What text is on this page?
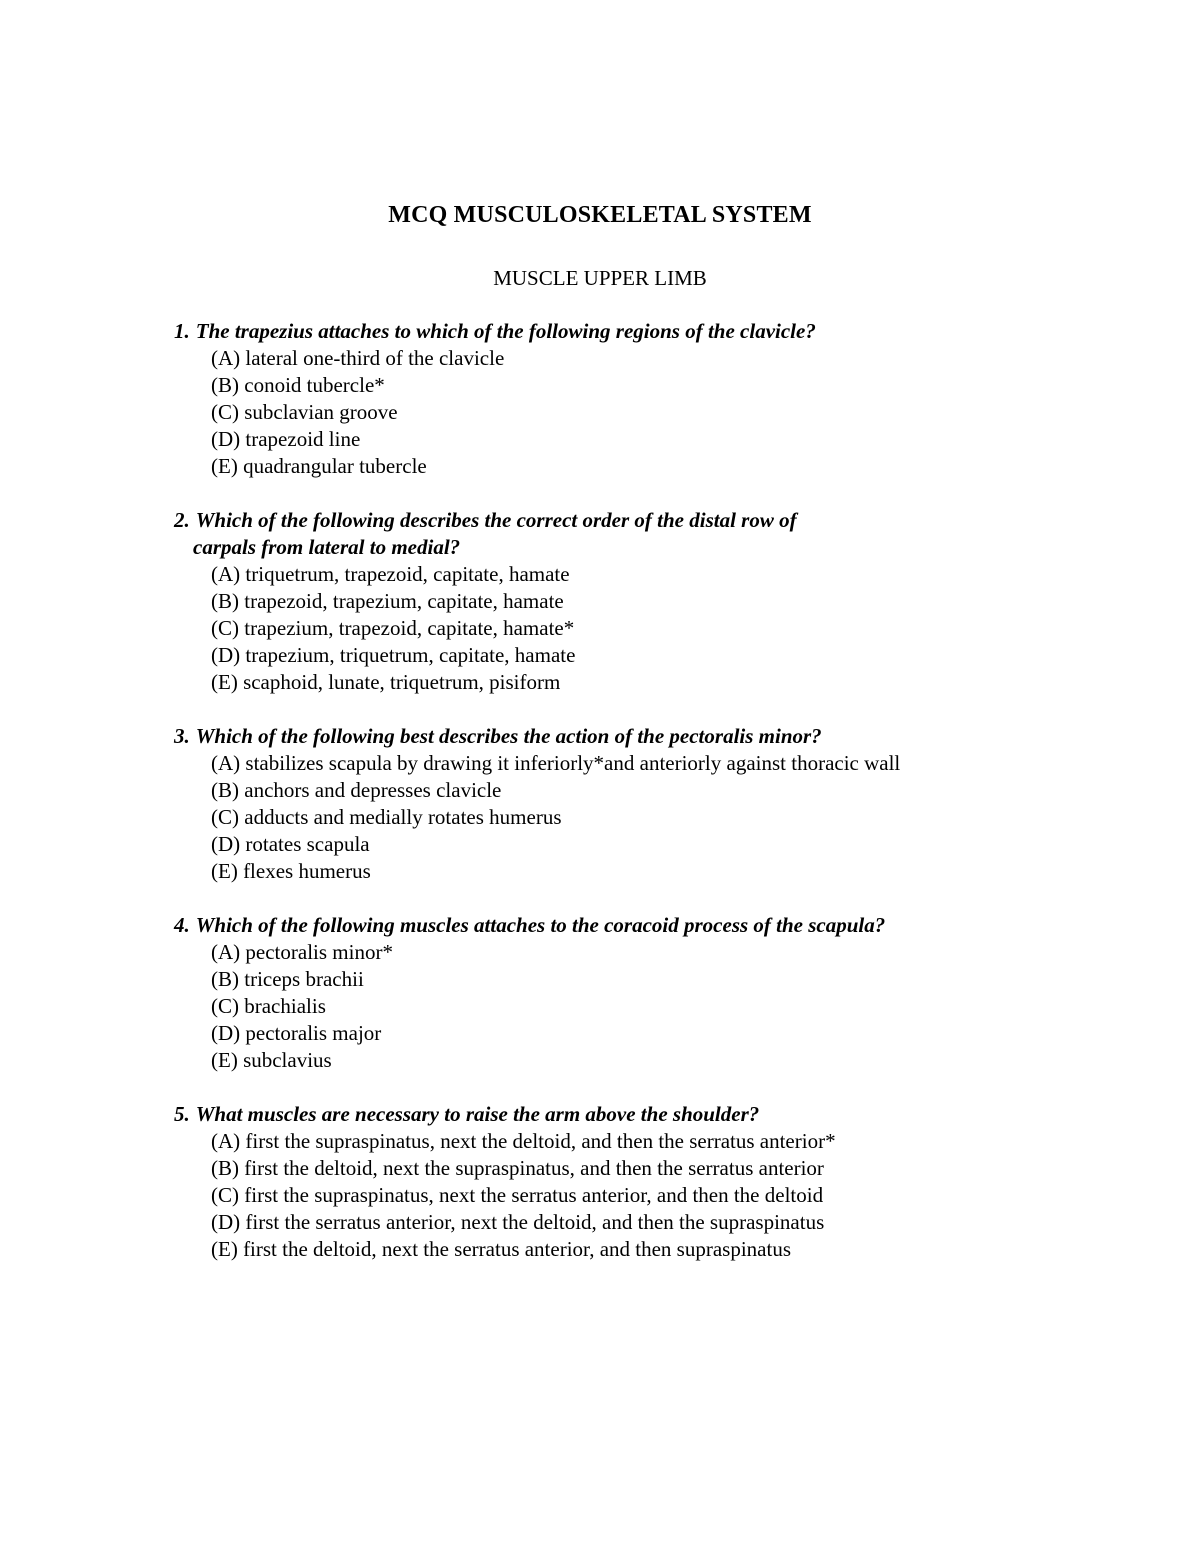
MCQ MUSCULOSKELETAL SYSTEM
MUSCLE UPPER LIMB
1. The trapezius attaches to which of the following regions of the clavicle?
(A) lateral one-third of the clavicle
(B) conoid tubercle*
(C) subclavian groove
(D) trapezoid line
(E) quadrangular tubercle
2. Which of the following describes the correct order of the distal row of
carpals from lateral to medial?
(A) triquetrum, trapezoid, capitate, hamate
(B) trapezoid, trapezium, capitate, hamate
(C) trapezium, trapezoid, capitate, hamate*
(D) trapezium, triquetrum, capitate, hamate
(E) scaphoid, lunate, triquetrum, pisiform
3. Which of the following best describes the action of the pectoralis minor?
(A) stabilizes scapula by drawing it inferiorly*and anteriorly against thoracic wall
(B) anchors and depresses clavicle
(C) adducts and medially rotates humerus
(D) rotates scapula
(E) flexes humerus
4. Which of the following muscles attaches to the coracoid process of the scapula?
(A) pectoralis minor*
(B) triceps brachii
(C) brachialis
(D) pectoralis major
(E) subclavius
5. What muscles are necessary to raise the arm above the shoulder?
(A) first the supraspinatus, next the deltoid, and then the serratus anterior*
(B) first the deltoid, next the supraspinatus, and then the serratus anterior
(C) first the supraspinatus, next the serratus anterior, and then the deltoid
(D) first the serratus anterior, next the deltoid, and then the supraspinatus
(E) first the deltoid, next the serratus anterior, and then supraspinatus
